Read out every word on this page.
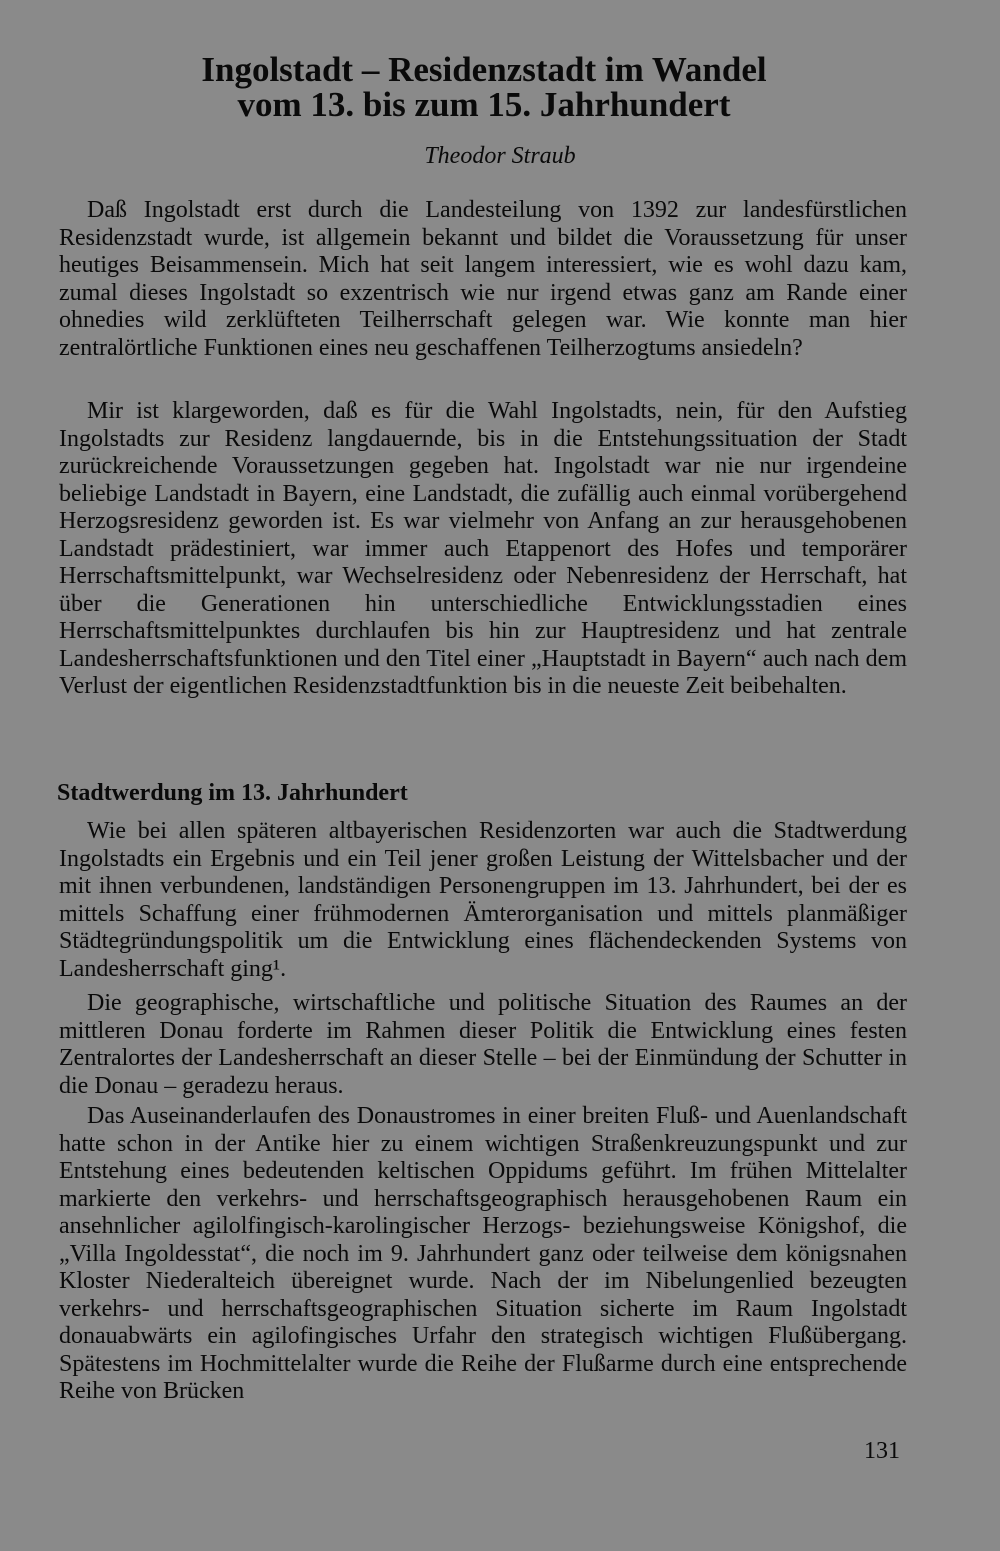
Ingolstadt – Residenzstadt im Wandel
vom 13. bis zum 15. Jahrhundert

Theodor Straub

Daß Ingolstadt erst durch die Landesteilung von 1392 zur landesfürstlichen Residenzstadt wurde, ist allgemein bekannt und bildet die Voraussetzung für unser heutiges Beisammensein. Mich hat seit langem interessiert, wie es wohl dazu kam, zumal dieses Ingolstadt so exzentrisch wie nur irgend etwas ganz am Rande einer ohnedies wild zerklüfteten Teilherrschaft gelegen war. Wie konnte man hier zentralörtliche Funktionen eines neu geschaffenen Teilherzogtums ansiedeln?

Mir ist klargeworden, daß es für die Wahl Ingolstadts, nein, für den Aufstieg Ingolstadts zur Residenz langdauernde, bis in die Entstehungssituation der Stadt zurückreichende Voraussetzungen gegeben hat. Ingolstadt war nie nur irgendeine beliebige Landstadt in Bayern, eine Landstadt, die zufällig auch einmal vorübergehend Herzogsresidenz geworden ist. Es war vielmehr von Anfang an zur herausgehobenen Landstadt prädestiniert, war immer auch Etappenort des Hofes und temporärer Herrschaftsmittelpunkt, war Wechselresidenz oder Nebenresidenz der Herrschaft, hat über die Generationen hin unterschiedliche Entwicklungsstadien eines Herrschaftsmittelpunktes durchlaufen bis hin zur Hauptresidenz und hat zentrale Landesherrschaftsfunktionen und den Titel einer „Hauptstadt in Bayern“ auch nach dem Verlust der eigentlichen Residenzstadtfunktion bis in die neueste Zeit beibehalten.

Stadtwerdung im 13. Jahrhundert

Wie bei allen späteren altbayerischen Residenzorten war auch die Stadtwerdung Ingolstadts ein Ergebnis und ein Teil jener großen Leistung der Wittelsbacher und der mit ihnen verbundenen, landständigen Personengruppen im 13. Jahrhundert, bei der es mittels Schaffung einer frühmodernen Ämterorganisation und mittels planmäßiger Städtegründungspolitik um die Entwicklung eines flächendeckenden Systems von Landesherrschaft ging¹.

Die geographische, wirtschaftliche und politische Situation des Raumes an der mittleren Donau forderte im Rahmen dieser Politik die Entwicklung eines festen Zentralortes der Landesherrschaft an dieser Stelle – bei der Einmündung der Schutter in die Donau – geradezu heraus.

Das Auseinanderlaufen des Donaustromes in einer breiten Fluß- und Auenlandschaft hatte schon in der Antike hier zu einem wichtigen Straßenkreuzungspunkt und zur Entstehung eines bedeutenden keltischen Oppidums geführt. Im frühen Mittelalter markierte den verkehrs- und herrschaftsgeographisch herausgehobenen Raum ein ansehnlicher agilolfingisch-karolingischer Herzogs- beziehungsweise Königshof, die „Villa Ingoldesstat“, die noch im 9. Jahrhundert ganz oder teilweise dem königsnahen Kloster Niederalteich übereignet wurde. Nach der im Nibelungenlied bezeugten verkehrs- und herrschaftsgeographischen Situation sicherte im Raum Ingolstadt donauabwärts ein agilofingisches Urfahr den strategisch wichtigen Flußübergang. Spätestens im Hochmittelalter wurde die Reihe der Flußarme durch eine entsprechende Reihe von Brücken

131
